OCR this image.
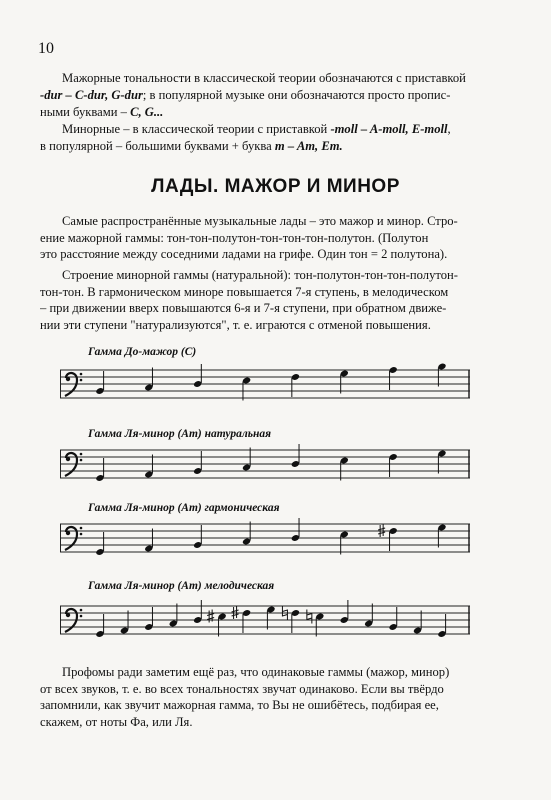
10
Мажорные тональности в классической теории обозначаются с приставкой
-dur – C-dur, G-dur; в популярной музыке они обозначаются просто пропис-
ными буквами – C, G...
Минорные – в классической теории с приставкой -moll – A-moll, E-moll,
в популярной – большими буквами + буква m – Am, Em.
ЛАДЫ. МАЖОР И МИНОР
Самые распространённые музыкальные лады – это мажор и минор. Стро-
ение мажорной гаммы: тон-тон-полутон-тон-тон-тон-полутон. (Полутон
это расстояние между соседними ладами на грифе. Один тон = 2 полутона).
Строение минорной гаммы (натуральной): тон-полутон-тон-тон-полутон-
тон-тон. В гармоническом миноре повышается 7-я ступень, в мелодическом
– при движении вверх повышаются 6-я и 7-я ступени, при обратном движе-
нии эти ступени "натурализуются", т. е. играются с отменой повышения.
Гамма До-мажор (С)
Гамма Ля-минор (Am) натуральная
Гамма Ля-минор (Am) гармоническая
Гамма Ля-минор (Am) мелодическая
Профомы ради заметим ещё раз, что одинаковые гаммы (мажор, минор)
от всех звуков, т. е. во всех тональностях звучат одинаково. Если вы твёрдо
запомнили, как звучит мажорная гамма, то Вы не ошибётесь, подбирая ее,
скажем, от ноты Фа, или Ля.
